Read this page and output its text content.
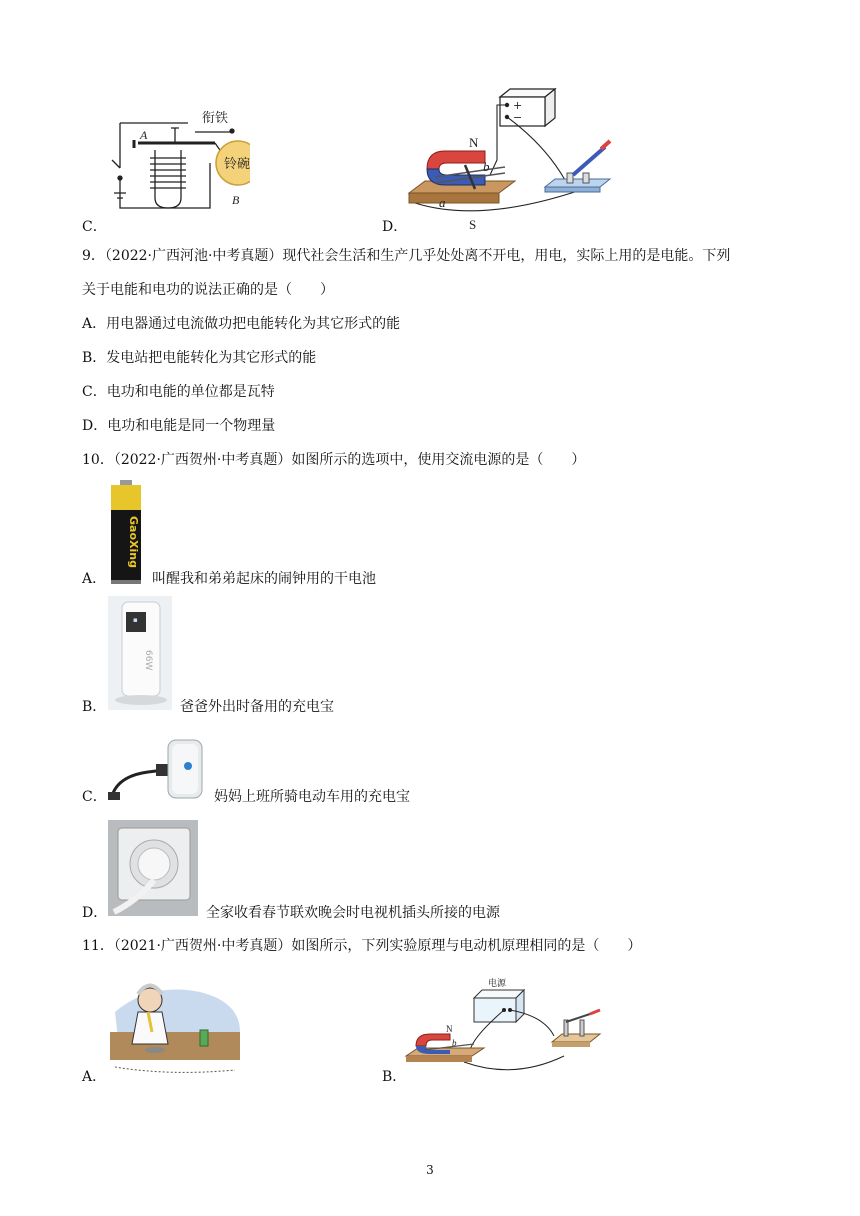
铃碗
衔铁
A
B
C．
+
−
N
S
a
b
D．
9．（2022·广西河池·中考真题）现代社会生活和生产几乎处处离不开电，用电，实际上用的是电能。下列
关于电能和电功的说法正确的是（　　）
A．用电器通过电流做功把电能转化为其它形式的能
B．发电站把电能转化为其它形式的能
C．电功和电能的单位都是瓦特
D．电功和电能是同一个物理量
10．（2022·广西贺州·中考真题）如图所示的选项中，使用交流电源的是（　　）
GaoXing
A．	叫醒我和弟弟起床的闹钟用的干电池
▪
66W
B．	爸爸外出时备用的充电宝
C．	妈妈上班所骑电动车用的充电宝
D．	全家收看春节联欢晚会时电视机插头所接的电源
11．（2021·广西贺州·中考真题）如图所示，下列实验原理与电动机原理相同的是（　　）
A．
电源
N
b
B．
3
